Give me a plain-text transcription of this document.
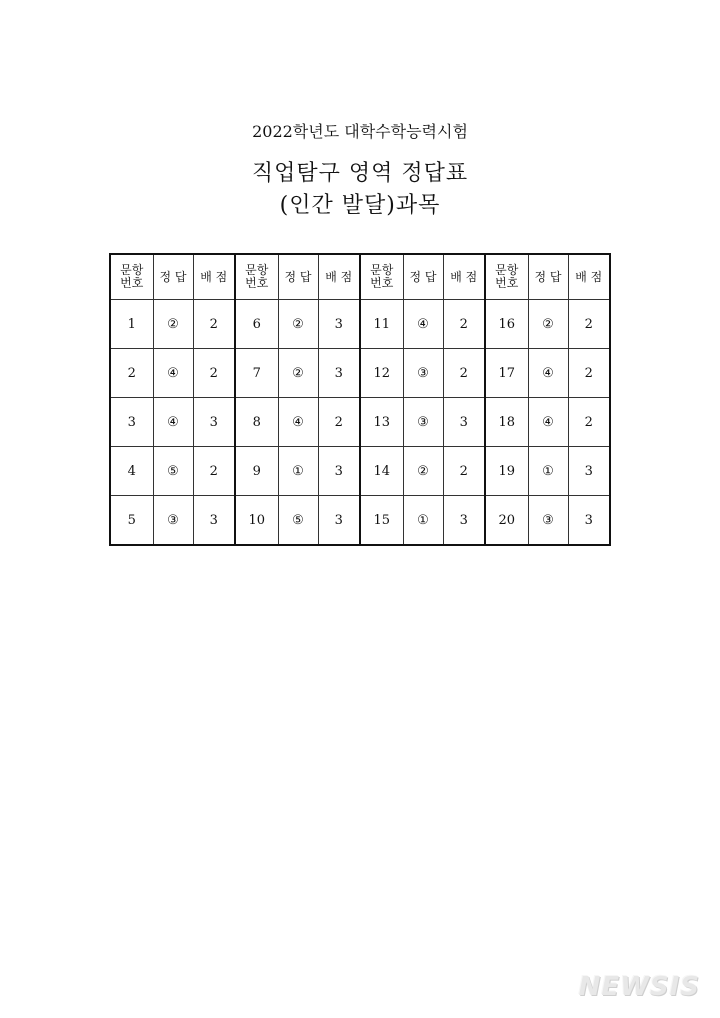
2022학년도 대학수학능력시험
직업탐구 영역 정답표
(인간 발달)과목
문항
번호	정 답	배 점	문항
번호	정 답	배 점	문항
번호	정 답	배 점	문항
번호	정 답	배 점
1	②	2	6	②	3	11	④	2	16	②	2
2	④	2	7	②	3	12	③	2	17	④	2
3	④	3	8	④	2	13	③	3	18	④	2
4	⑤	2	9	①	3	14	②	2	19	①	3
5	③	3	10	⑤	3	15	①	3	20	③	3
NEWSIS
